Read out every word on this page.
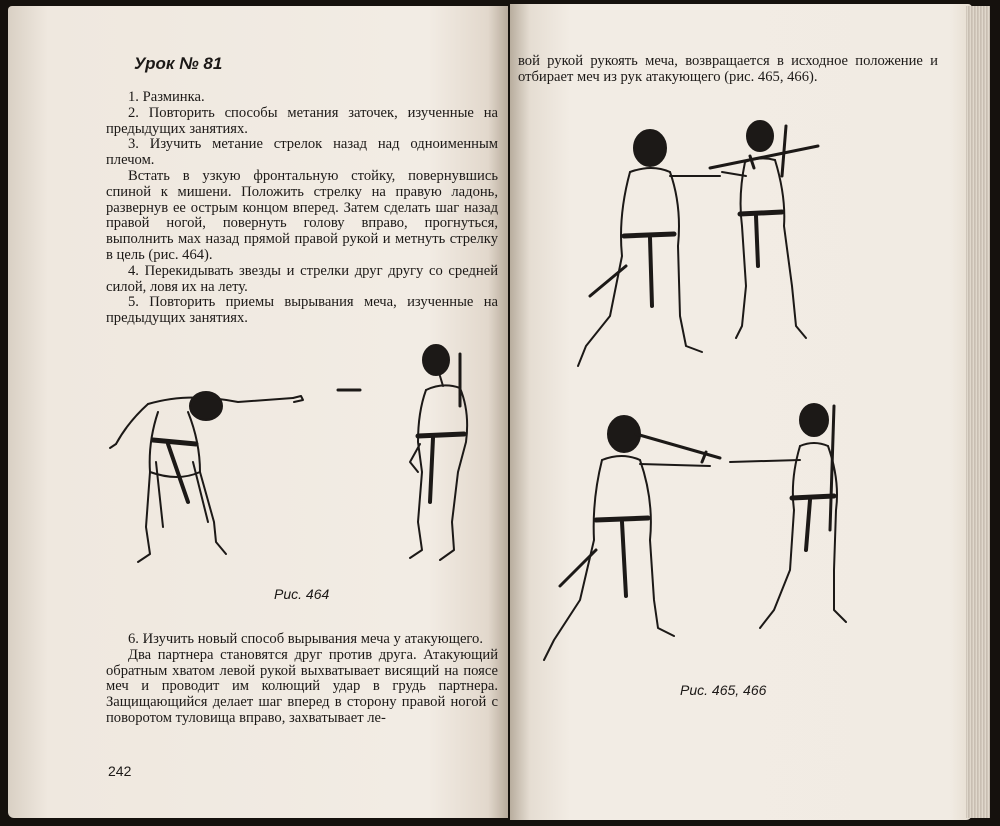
Урок № 81

1. Разминка.

2. Повторить способы метания заточек, изученные на предыдущих занятиях.

3. Изучить метание стрелок назад над одноименным плечом.

Встать в узкую фронтальную стойку, повернувшись спиной к мишени. Положить стрелку на правую ладонь, развернув ее острым концом вперед. Затем сделать шаг назад правой ногой, повернуть голову вправо, прогнуться, выполнить мах назад прямой правой рукой и метнуть стрелку в цель (рис. 464).

4. Перекидывать звезды и стрелки друг другу со средней силой, ловя их на лету.

5. Повторить приемы вырывания меча, изученные на предыдущих занятиях.

Рис. 464

6. Изучить новый способ вырывания меча у атакующего.

Два партнера становятся друг против друга. Атакующий обратным хватом левой рукой выхватывает висящий на поясе меч и проводит им колющий удар в грудь партнера. Защищающийся делает шаг вперед в сторону правой ногой с поворотом туловища вправо, захватывает ле-

242

вой рукой рукоять меча, возвращается в исходное положение и отбирает меч из рук атакующего (рис. 465, 466).

Рис. 465, 466
